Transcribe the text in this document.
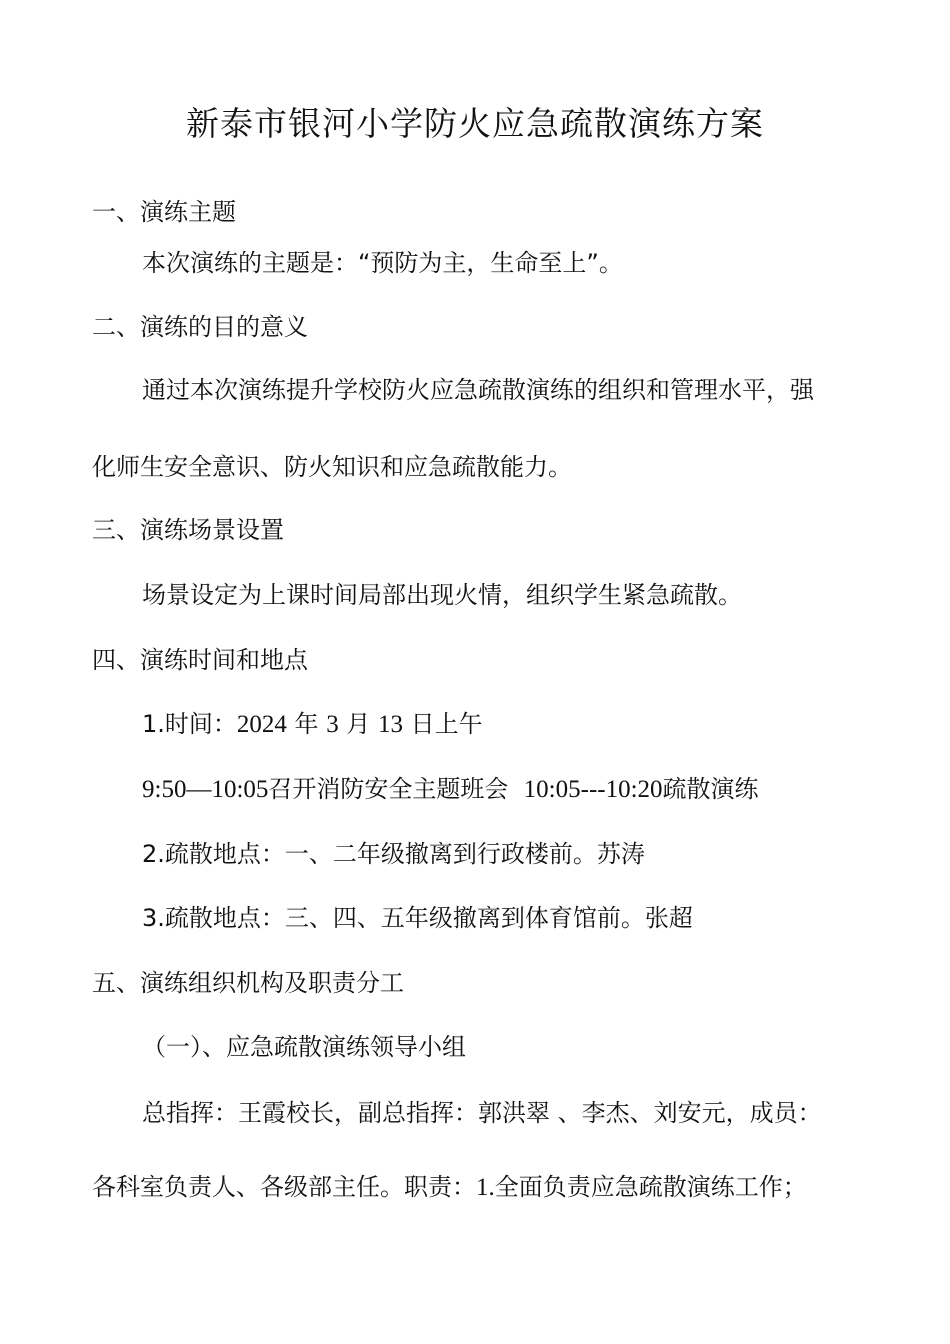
新泰市银河小学防火应急疏散演练方案
一、演练主题
本次演练的主题是：“预防为主，生命至上”。
二、演练的目的意义
通过本次演练提升学校防火应急疏散演练的组织和管理水平，强
化师生安全意识、防火知识和应急疏散能力。
三、演练场景设置
场景设定为上课时间局部出现火情，组织学生紧急疏散。
四、演练时间和地点
1.时间：2024 年 3 月 13 日上午
9:50—10:05召开消防安全主题班会 10:05---10:20疏散演练
2.疏散地点：一、二年级撤离到行政楼前。苏涛
3.疏散地点：三、四、五年级撤离到体育馆前。张超
五、演练组织机构及职责分工
（一）、应急疏散演练领导小组
总指挥：王霞校长，副总指挥：郭洪翠 、李杰、刘安元，成员：
各科室负责人、各级部主任。职责：1.全面负责应急疏散演练工作；
